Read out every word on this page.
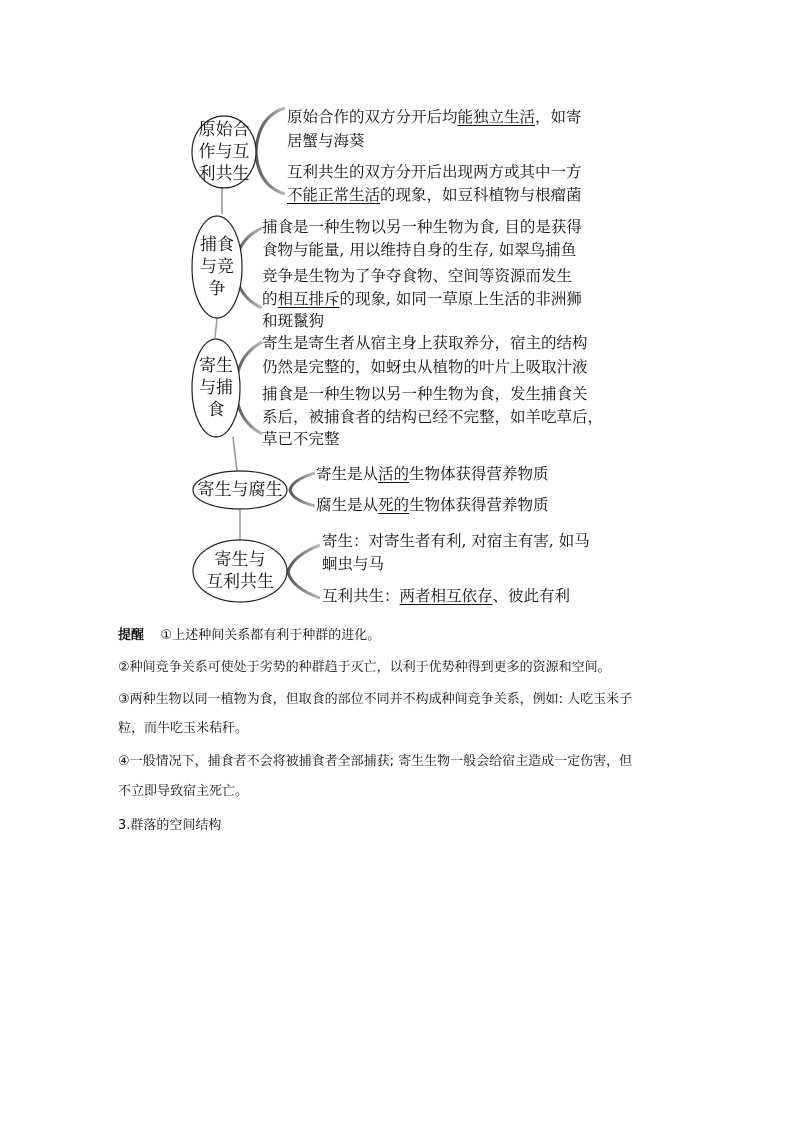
原始合
作与互
利共生
捕食
与竞
争
寄生
与捕
食
寄生与腐生
寄生与
互利共生
原始合作的双方分开后均能独立生活，如寄
居蟹与海葵
互利共生的双方分开后出现两方或其中一方
不能正常生活的现象，如豆科植物与根瘤菌
捕食是一种生物以另一种生物为食, 目的是获得
食物与能量, 用以维持自身的生存, 如翠鸟捕鱼
竞争是生物为了争夺食物、空间等资源而发生
的相互排斥的现象, 如同一草原上生活的非洲狮
和斑鬣狗
寄生是寄生者从宿主身上获取养分，宿主的结构
仍然是完整的，如蚜虫从植物的叶片上吸取汁液
捕食是一种生物以另一种生物为食，发生捕食关
系后，被捕食者的结构已经不完整，如羊吃草后，
草已不完整
寄生是从活的生物体获得营养物质
腐生是从死的生物体获得营养物质
寄生：对寄生者有利, 对宿主有害, 如马
蛔虫与马
互利共生：两者相互依存、彼此有利
提醒 ①上述种间关系都有利于种群的进化。
②种间竞争关系可使处于劣势的种群趋于灭亡，以利于优势种得到更多的资源和空间。
③两种生物以同一植物为食，但取食的部位不同并不构成种间竞争关系，例如: 人吃玉米子
粒，而牛吃玉米秸秆。
④一般情况下，捕食者不会将被捕食者全部捕获; 寄生生物一般会给宿主造成一定伤害，但
不立即导致宿主死亡。
3.群落的空间结构
